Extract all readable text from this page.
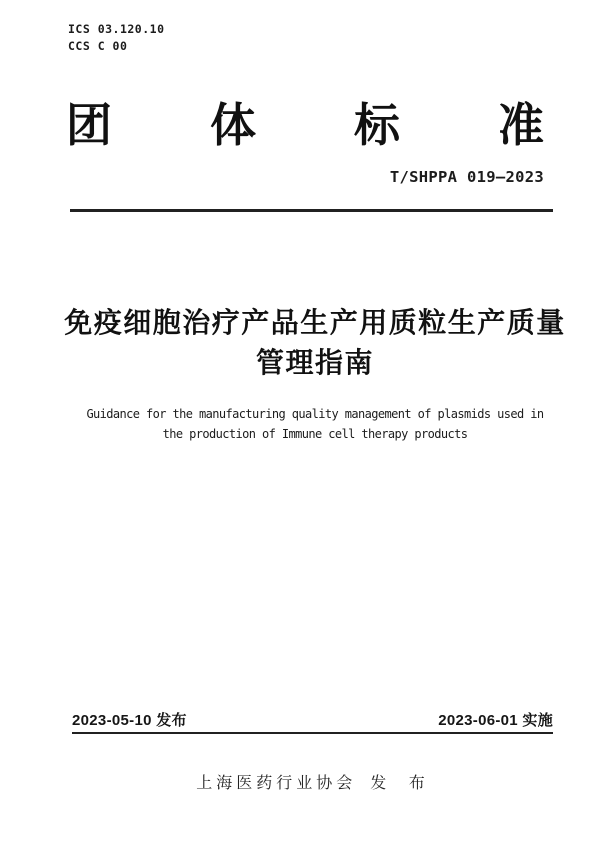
ICS 03.120.10
CCS C 00
团 体 标 准
T/SHPPA 019—2023
免疫细胞治疗产品生产用质粒生产质量
管理指南
Guidance for the manufacturing quality management of plasmids used in
the production of Immune cell therapy products
2023-05-10 发布	2023-06-01 实施
上海医药行业协会 发 布
